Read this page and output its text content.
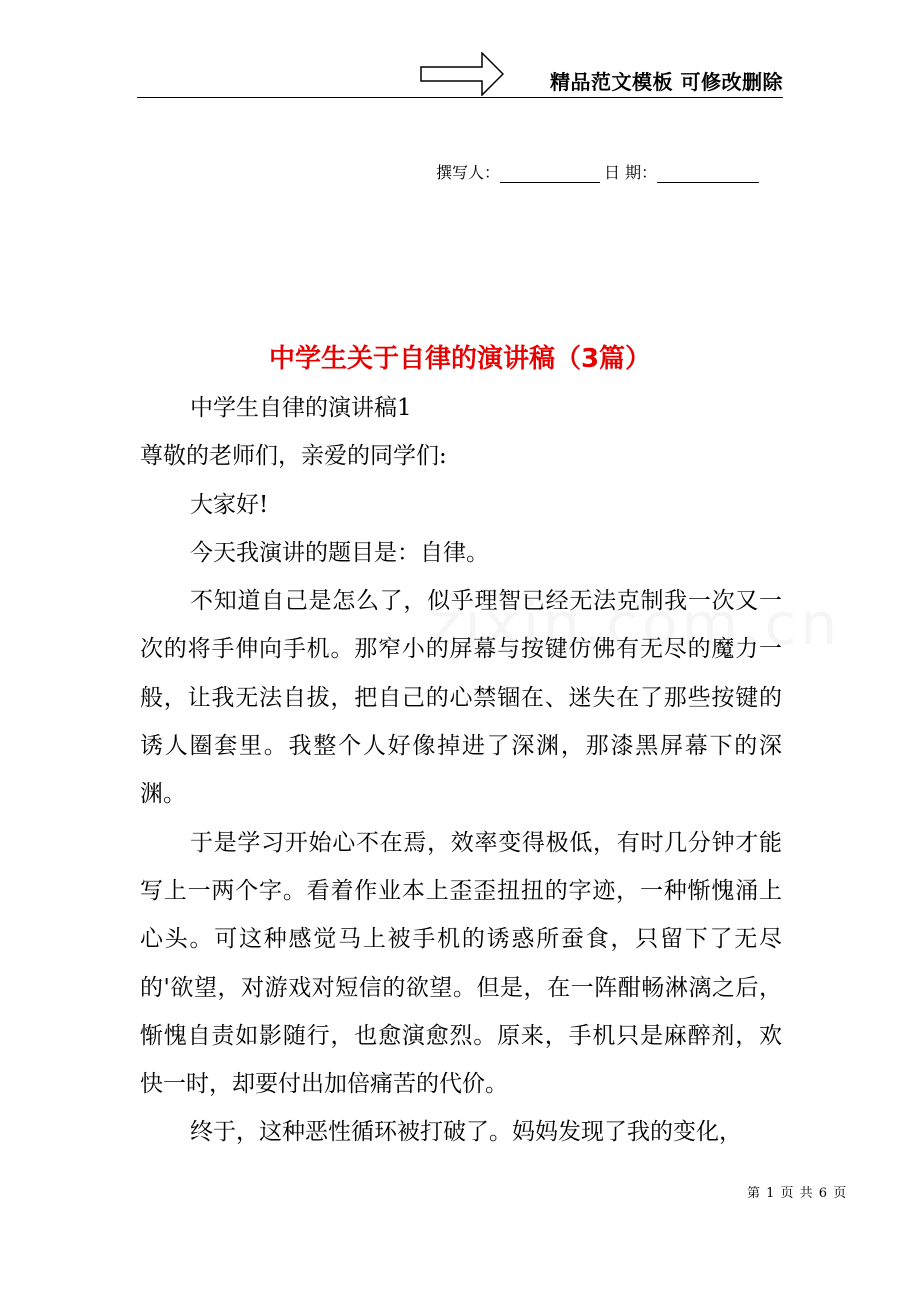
精品范文模板 可修改删除
撰写人：	日 期：
中学生关于自律的演讲稿（3篇）

中学生自律的演讲稿1

尊敬的老师们，亲爱的同学们:

大家好!

今天我演讲的题目是：自律。

不知道自己是怎么了，似乎理智已经无法克制我一次又一次的将手伸向手机。那窄小的屏幕与按键仿佛有无尽的魔力一般，让我无法自拔，把自己的心禁锢在、迷失在了那些按键的诱人圈套里。我整个人好像掉进了深渊，那漆黑屏幕下的深渊。

于是学习开始心不在焉，效率变得极低，有时几分钟才能写上一两个字。看着作业本上歪歪扭扭的字迹，一种惭愧涌上心头。可这种感觉马上被手机的诱惑所蚕食，只留下了无尽的'欲望，对游戏对短信的欲望。但是，在一阵酣畅淋漓之后，惭愧自责如影随行，也愈演愈烈。原来，手机只是麻醉剂，欢快一时，却要付出加倍痛苦的代价。

终于，这种恶性循环被打破了。妈妈发现了我的变化，

第 1 页 共 6 页
